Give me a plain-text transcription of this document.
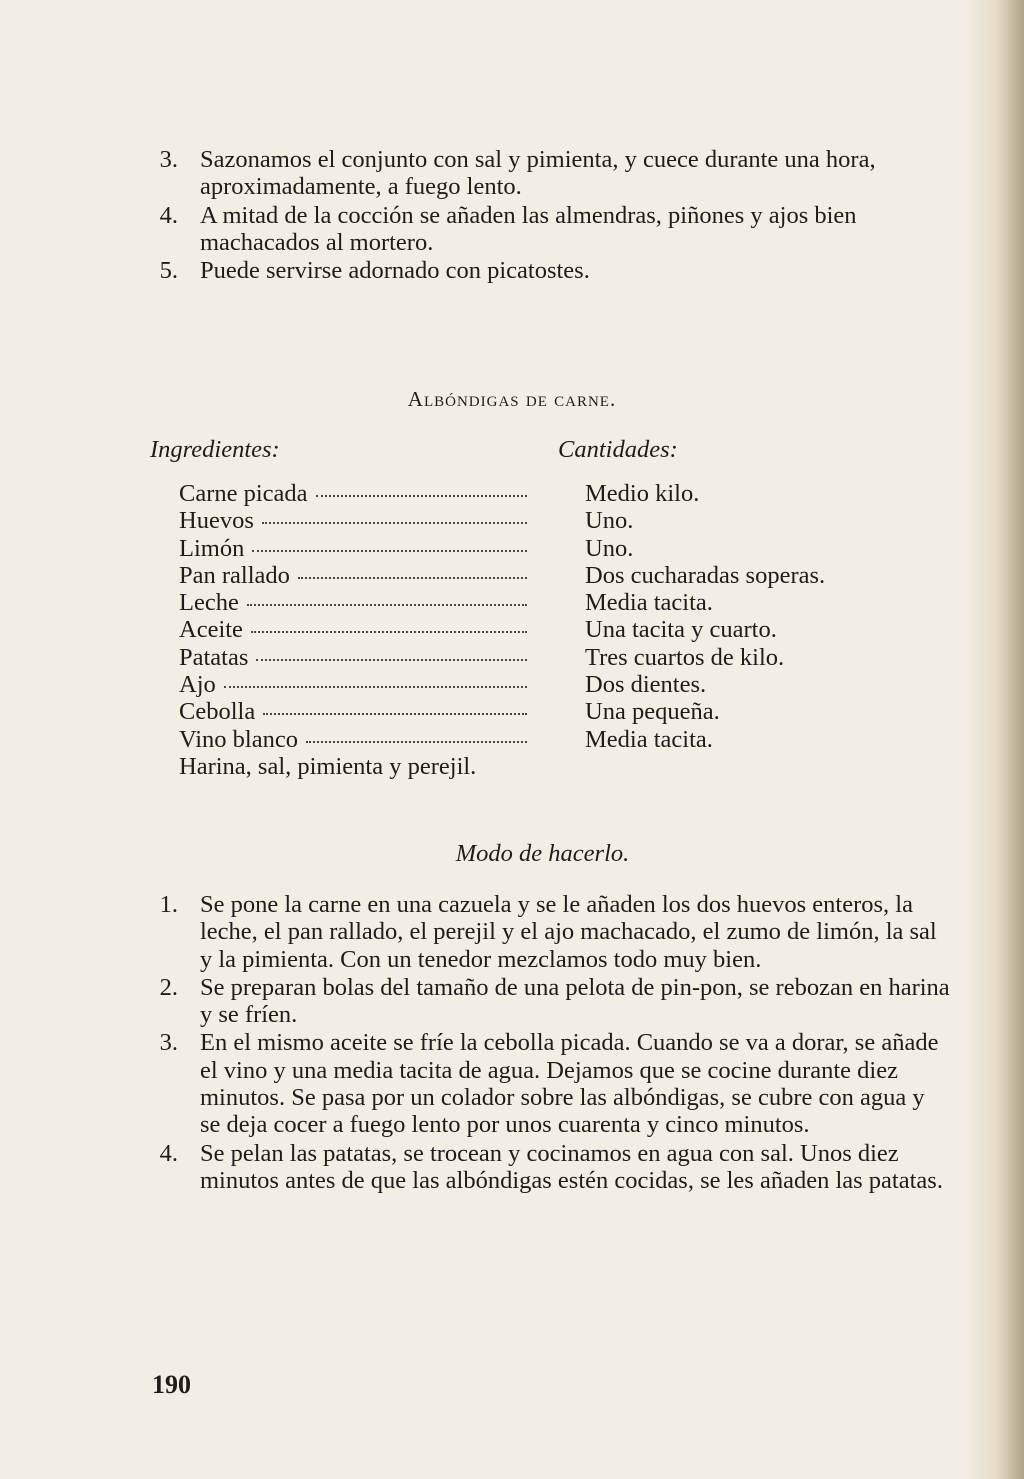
3. Sazonamos el conjunto con sal y pimienta, y cuece durante una hora, aproximadamente, a fuego lento.
4. A mitad de la cocción se añaden las almendras, piñones y ajos bien machacados al mortero.
5. Puede servirse adornado con picatostes.
Albóndigas de carne.
Ingredientes:	Cantidades:
Carne picada
Huevos
Limón
Pan rallado
Leche
Aceite
Patatas
Ajo
Cebolla
Vino blanco
Harina, sal, pimienta y perejil.
Medio kilo.
Uno.
Uno.
Dos cucharadas soperas.
Media tacita.
Una tacita y cuarto.
Tres cuartos de kilo.
Dos dientes.
Una pequeña.
Media tacita.
Modo de hacerlo.
1. Se pone la carne en una cazuela y se le añaden los dos huevos enteros, la leche, el pan rallado, el perejil y el ajo machacado, el zumo de limón, la sal y la pimienta. Con un tenedor mezclamos todo muy bien.
2. Se preparan bolas del tamaño de una pelota de pin-pon, se rebozan en harina y se fríen.
3. En el mismo aceite se fríe la cebolla picada. Cuando se va a dorar, se añade el vino y una media tacita de agua. Dejamos que se cocine durante diez minutos. Se pasa por un colador sobre las albóndigas, se cubre con agua y se deja cocer a fuego lento por unos cuarenta y cinco minutos.
4. Se pelan las patatas, se trocean y cocinamos en agua con sal. Unos diez minutos antes de que las albóndigas estén cocidas, se les añaden las patatas.
190
